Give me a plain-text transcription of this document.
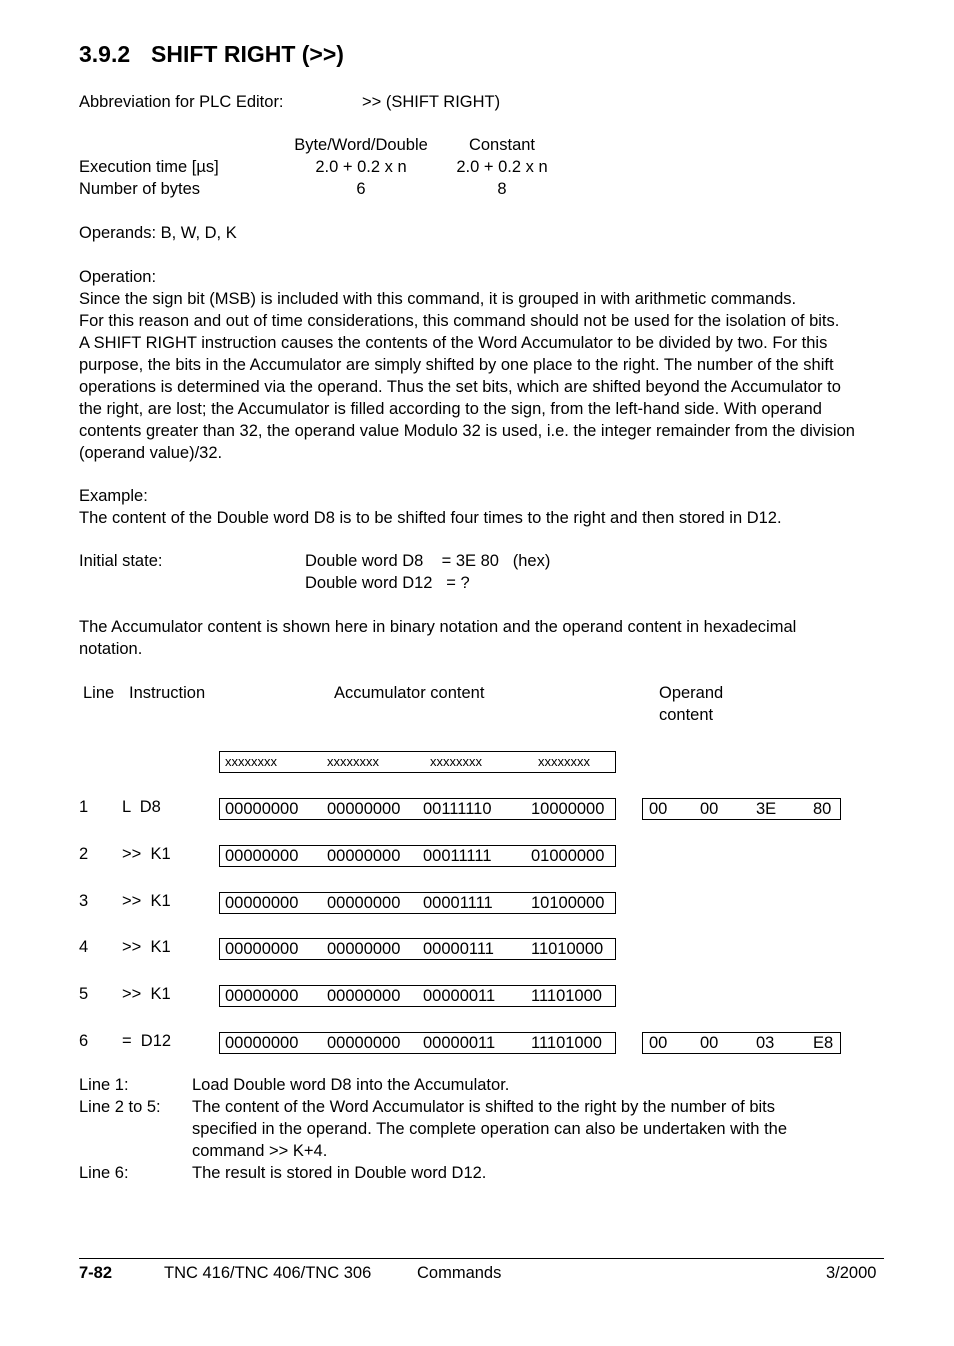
3.9.2 SHIFT RIGHT (>>)
Abbreviation for PLC Editor:	>> (SHIFT RIGHT)
Byte/Word/Double	Constant
Execution time [µs]	2.0 + 0.2 x n	2.0 + 0.2 x n
Number of bytes	6	8
Operands: B, W, D, K
Operation:
Since the sign bit (MSB) is included with this command, it is grouped in with arithmetic commands.
For this reason and out of time considerations, this command should not be used for the isolation of bits.
A SHIFT RIGHT instruction causes the contents of the Word Accumulator to be divided by two. For this
purpose, the bits in the Accumulator are simply shifted by one place to the right. The number of the shift
operations is determined via the operand. Thus the set bits, which are shifted beyond the Accumulator to
the right, are lost; the Accumulator is filled according to the sign, from the left-hand side. With operand
contents greater than 32, the operand value Modulo 32 is used, i.e. the integer remainder from the division
(operand value)/32.
Example:
The content of the Double word D8 is to be shifted four times to the right and then stored in D12.
Initial state:	Double word D8    = 3E 80   (hex)
Double word D12   = ?
The Accumulator content is shown here in binary notation and the operand content in hexadecimal
notation.
Line Instruction	Accumulator content	Operand
content
xxxxxxxx	xxxxxxxx	xxxxxxxx	xxxxxxxx
1 L  D8	00000000 00000000 00111110 10000000	00 00 3E 80
2 >>  K1	00000000 00000000 00011111 01000000
3 >>  K1	00000000 00000000 00001111 10100000
4 >>  K1	00000000 00000000 00000111 11010000
5 >>  K1	00000000 00000000 00000011 11101000
6 =  D12	00000000 00000000 00000011 11101000	00 00 03 E8
Line 1:	Load Double word D8 into the Accumulator.
Line 2 to 5: The content of the Word Accumulator is shifted to the right by the number of bits
specified in the operand. The complete operation can also be undertaken with the
command >> K+4.
Line 6:	The result is stored in Double word D12.
7-82	TNC 416/TNC 406/TNC 306	Commands	3/2000
